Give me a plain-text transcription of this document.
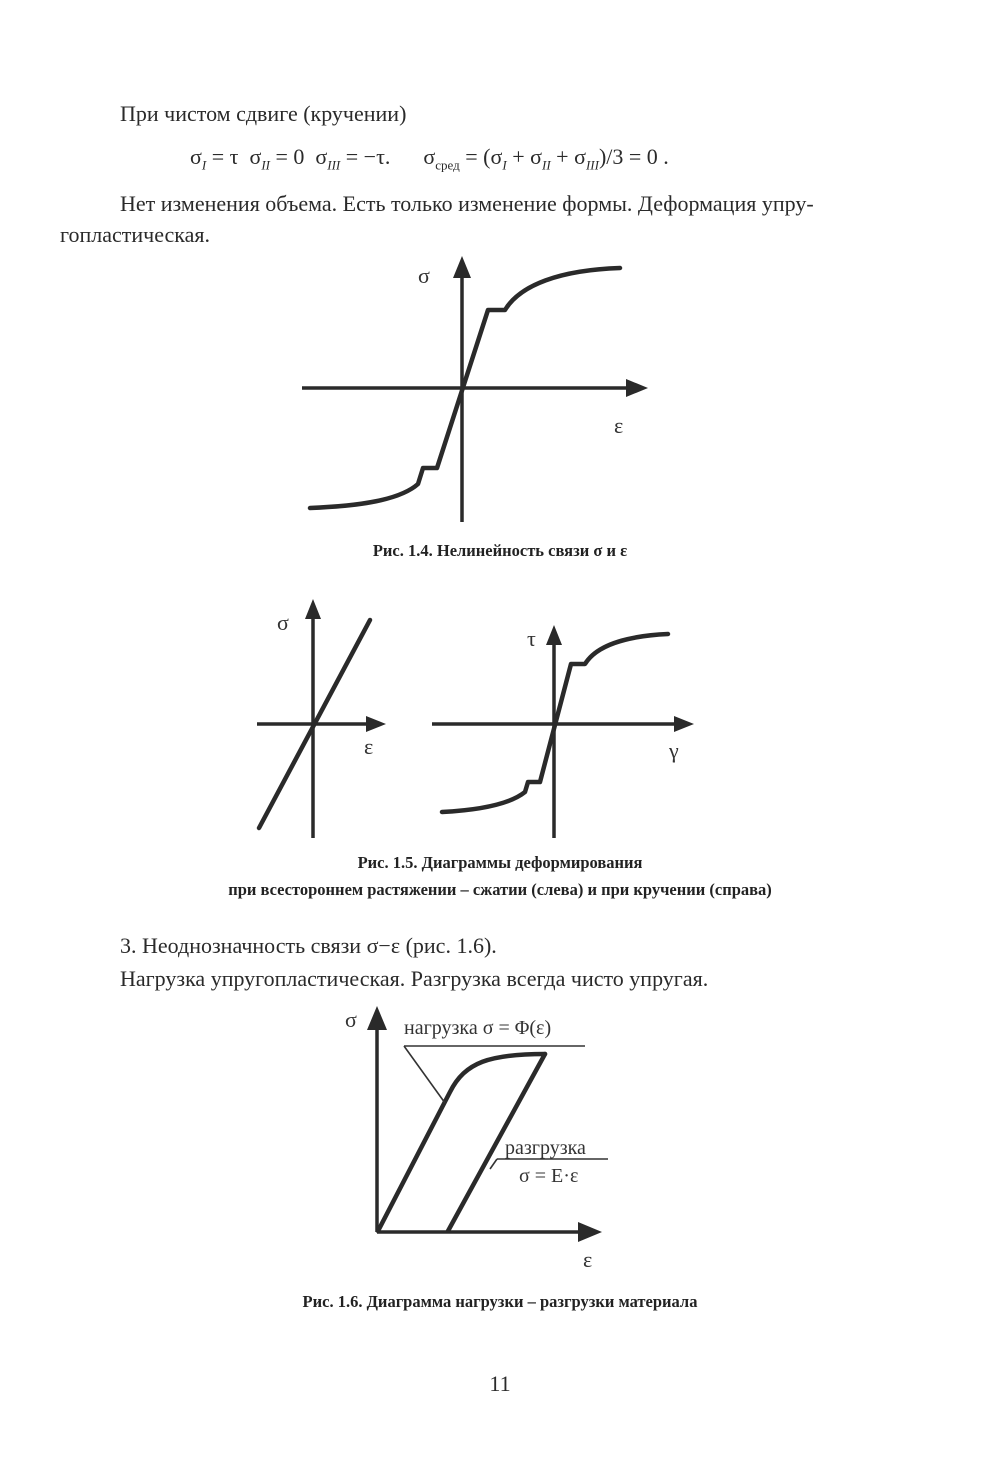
При чистом сдвиге (кручении)
$\sigma_I = \tau$ $\sigma_{II} = 0$ $\sigma_{III} = -\tau$. $\sigma_{сред} = (\sigma_I + \sigma_{II} + \sigma_{III})/3 = 0$ .
Нет изменения объема. Есть только изменение формы. Деформация упру-
гопластическая.
σ
ε
Рис. 1.4. Нелинейность связи σ и ε
σ
ε
τ
γ
Рис. 1.5. Диаграммы деформирования
при всестороннем растяжении – сжатии (слева) и при кручении (справа)
3. Неоднозначность связи σ−ε (рис. 1.6).
Нагрузка упругопластическая. Разгрузка всегда чисто упругая.
σ
ε
нагрузка σ = Φ(ε)
разгрузка
σ = E·ε
Рис. 1.6. Диаграмма нагрузки – разгрузки материала
11
